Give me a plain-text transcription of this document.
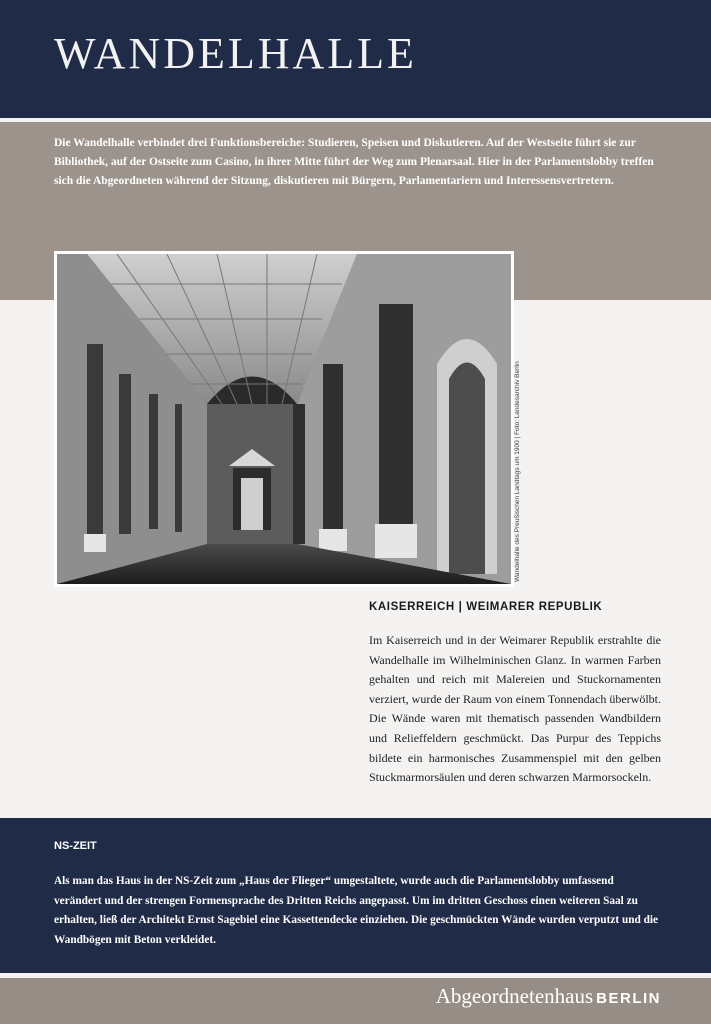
WANDELHALLE

Die Wandelhalle verbindet drei Funktionsbereiche: Studieren, Speisen und Diskutieren. Auf der Westseite führt sie zur Bibliothek, auf der Ostseite zum Casino, in ihrer Mitte führt der Weg zum Plenarsaal. Hier in der Parlamentslobby treffen sich die Abgeordneten während der Sitzung, diskutieren mit Bürgern, Parlamentariern und Interessensvertretern.

Wandelhalle des Preußischen Landtags um 1900 | Foto: Landesarchiv Berlin
KAISERREICH | WEIMARER REPUBLIK

Im Kaiserreich und in der Weimarer Republik erstrahlte die Wandelhalle im Wilhelminischen Glanz. In warmen Farben gehalten und reich mit Malereien und Stuckornamenten verziert, wurde der Raum von einem Tonnendach überwölbt. Die Wände waren mit thematisch passenden Wandbildern und Relieffeldern geschmückt. Das Purpur des Teppichs bildete ein harmonisches Zusammenspiel mit den gelben Stuckmarmorsäulen und deren schwarzen Marmorsockeln.

NS-ZEIT

Als man das Haus in der NS-Zeit zum „Haus der Flieger“ umgestaltete, wurde auch die Parlamentslobby umfassend verändert und der strengen Formensprache des Dritten Reichs angepasst. Um im dritten Geschoss einen weiteren Saal zu erhalten, ließ der Architekt Ernst Sagebiel eine Kassettendecke einziehen. Die geschmückten Wände wurden verputzt und die Wandbögen mit Beton verkleidet.

Abgeordnetenhaus BERLIN
